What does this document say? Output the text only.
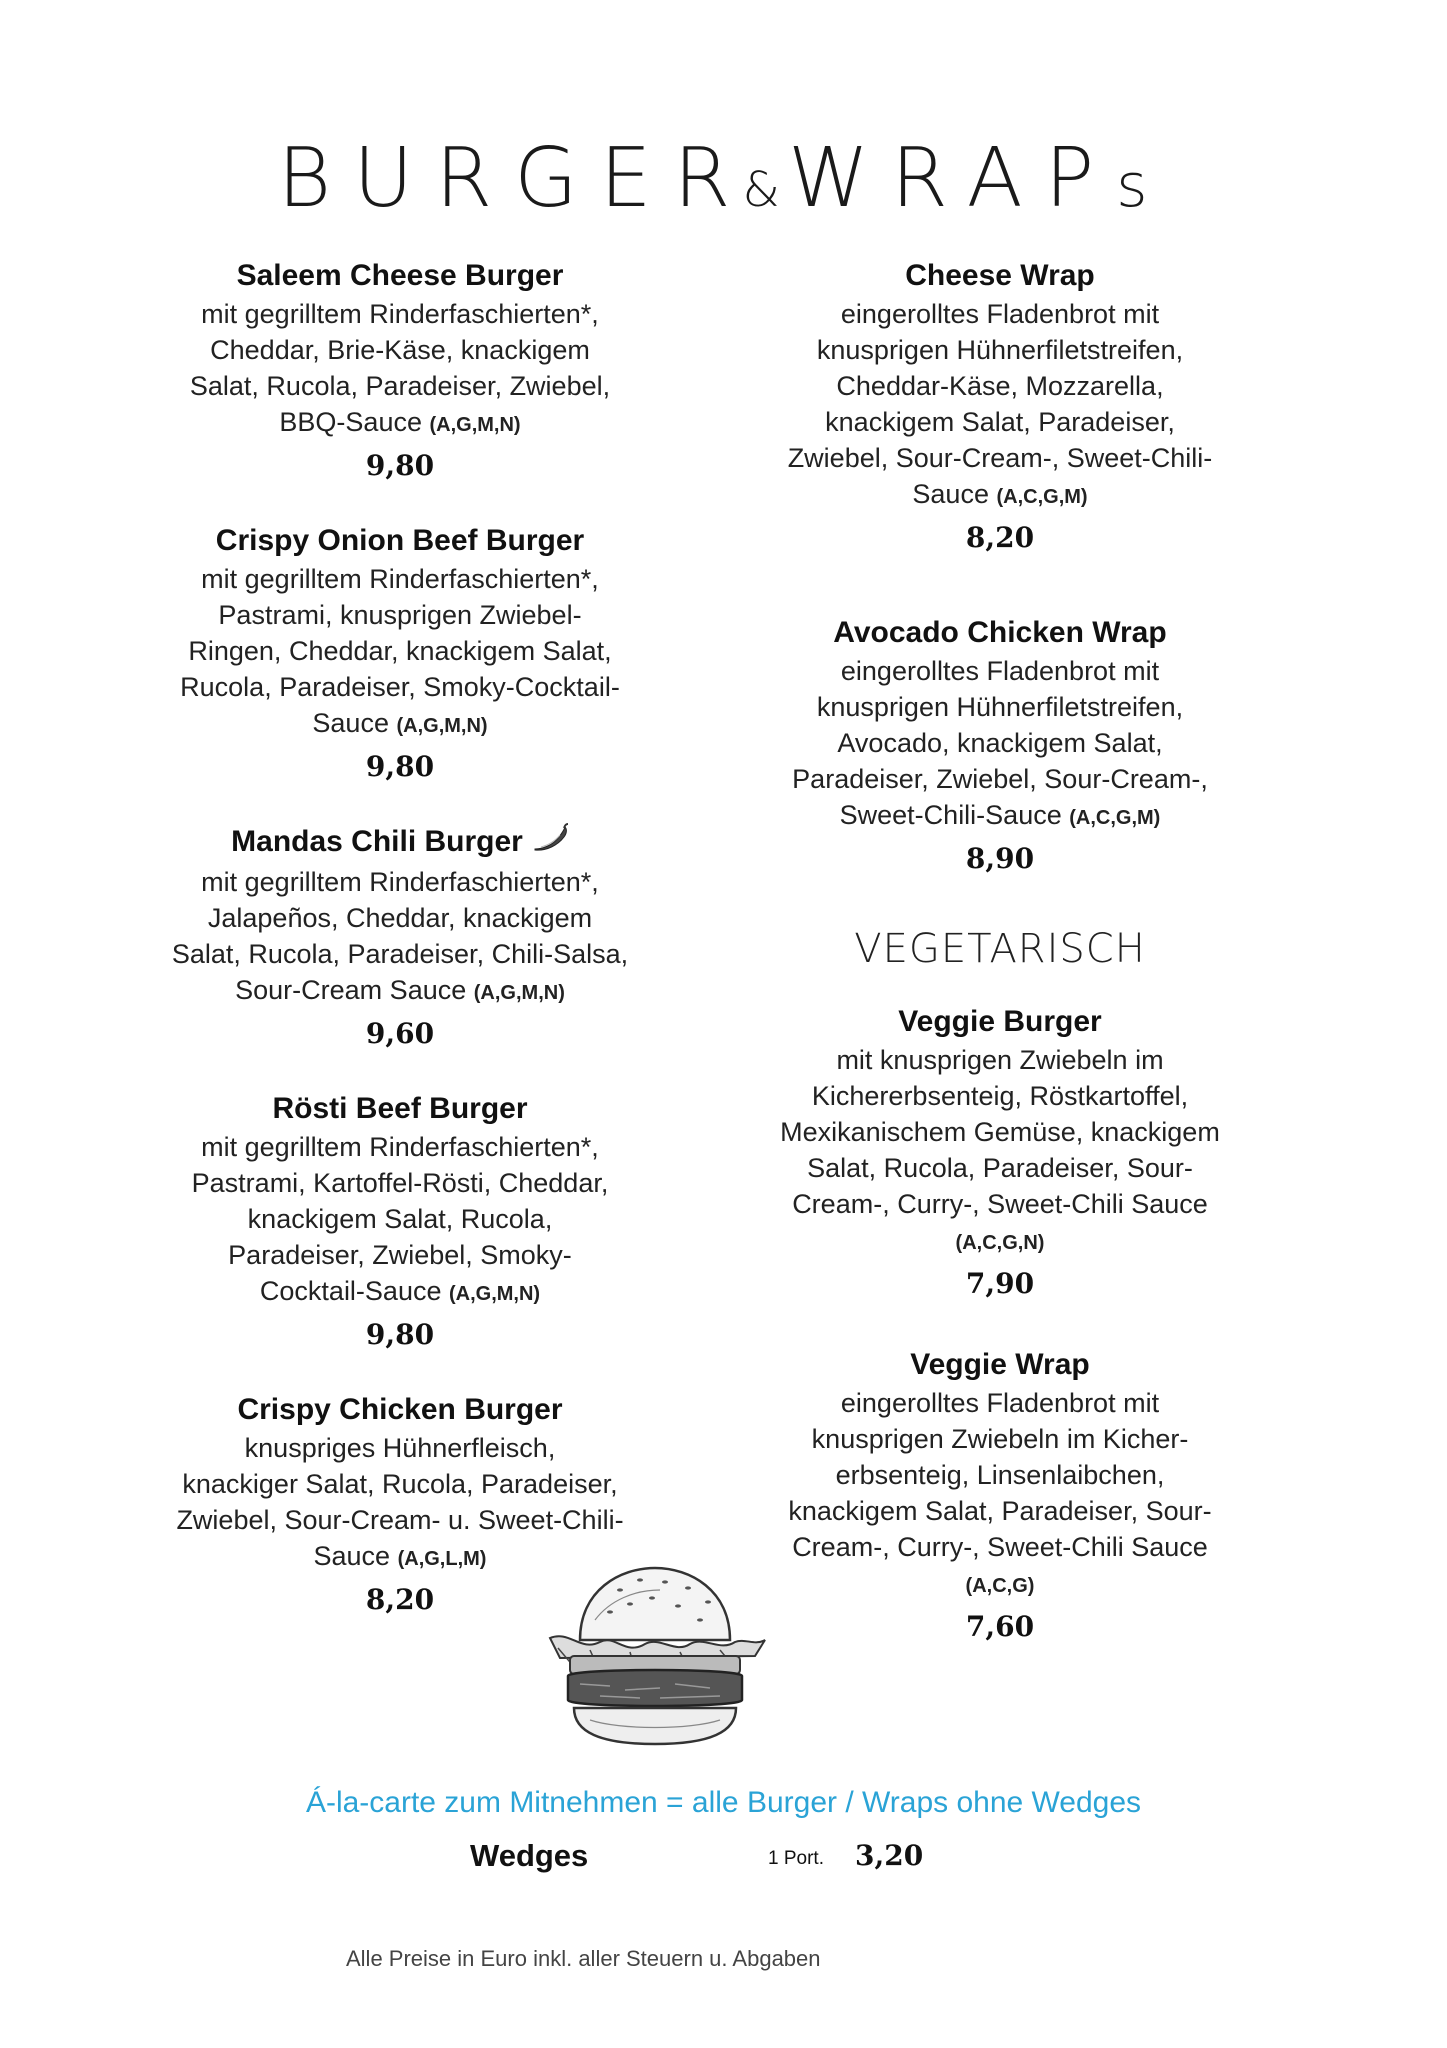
BURGER&WRAPs
Saleem Cheese Burger
mit gegrilltem Rinderfaschierten*,
Cheddar, Brie-Käse, knackigem
Salat, Rucola, Paradeiser, Zwiebel,
BBQ-Sauce (A,G,M,N)
9,80
Crispy Onion Beef Burger
mit gegrilltem Rinderfaschierten*,
Pastrami, knusprigen Zwiebel-
Ringen, Cheddar, knackigem Salat,
Rucola, Paradeiser, Smoky-Cocktail-
Sauce (A,G,M,N)
9,80
Mandas Chili Burger
mit gegrilltem Rinderfaschierten*,
Jalapeños, Cheddar, knackigem
Salat, Rucola, Paradeiser, Chili-Salsa,
Sour-Cream Sauce (A,G,M,N)
9,60
Rösti Beef Burger
mit gegrilltem Rinderfaschierten*,
Pastrami, Kartoffel-Rösti, Cheddar,
knackigem Salat, Rucola,
Paradeiser, Zwiebel, Smoky-
Cocktail-Sauce (A,G,M,N)
9,80
Crispy Chicken Burger
knuspriges Hühnerfleisch,
knackiger Salat, Rucola, Paradeiser,
Zwiebel, Sour-Cream- u. Sweet-Chili-
Sauce (A,G,L,M)
8,20
Cheese Wrap
eingerolltes Fladenbrot mit
knusprigen Hühnerfiletstreifen,
Cheddar-Käse, Mozzarella,
knackigem Salat, Paradeiser,
Zwiebel, Sour-Cream-, Sweet-Chili-
Sauce (A,C,G,M)
8,20
Avocado Chicken Wrap
eingerolltes Fladenbrot mit
knusprigen Hühnerfiletstreifen,
Avocado, knackigem Salat,
Paradeiser, Zwiebel, Sour-Cream-,
Sweet-Chili-Sauce (A,C,G,M)
8,90
VEGETARISCH
Veggie Burger
mit knusprigen Zwiebeln im
Kichererbsenteig, Röstkartoffel,
Mexikanischem Gemüse, knackigem
Salat, Rucola, Paradeiser, Sour-
Cream-, Curry-, Sweet-Chili Sauce
(A,C,G,N)
7,90
Veggie Wrap
eingerolltes Fladenbrot mit
knusprigen Zwiebeln im Kicher-
erbsenteig, Linsenlaibchen,
knackigem Salat, Paradeiser, Sour-
Cream-, Curry-, Sweet-Chili Sauce
(A,C,G)
7,60
Á-la-carte zum Mitnehmen = alle Burger / Wraps ohne Wedges
Wedges	1 Port. 3,20
Alle Preise in Euro inkl. aller Steuern u. Abgaben
